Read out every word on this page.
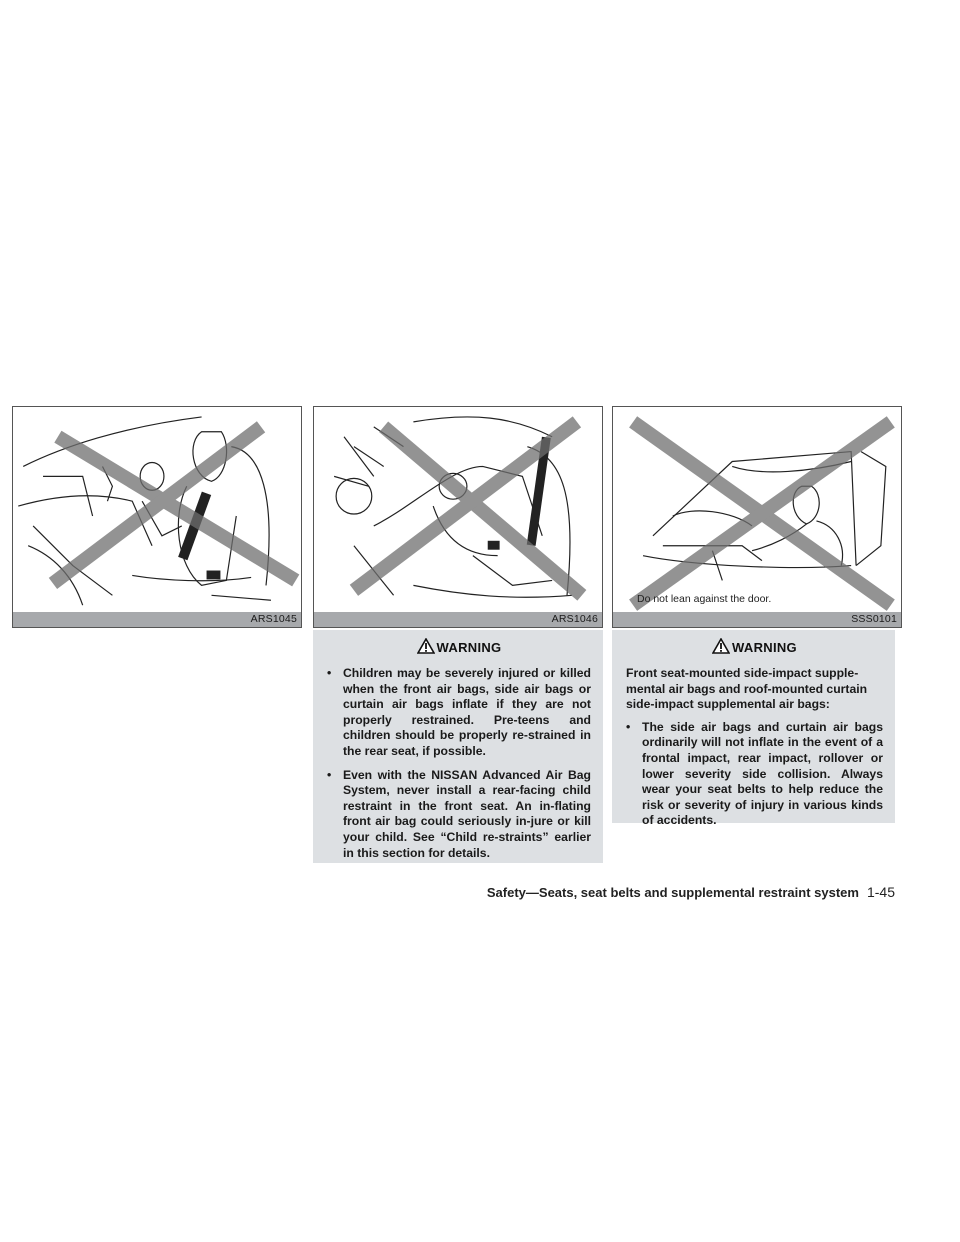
ARS1045	ARS1046
Do not lean against the door.
SSS0101
WARNING
• Children may be severely injured or killed when the front air bags, side air bags or curtain air bags inflate if they are not properly restrained. Pre-teens and children should be properly re-strained in the rear seat, if possible.
• Even with the NISSAN Advanced Air Bag System, never install a rear-facing child restraint in the front seat. An in-flating front air bag could seriously in-jure or kill your child. See “Child re-straints” earlier in this section for details.
WARNING

Front seat-mounted side-impact supple-mental air bags and roof-mounted curtain side-impact supplemental air bags:

• The side air bags and curtain air bags ordinarily will not inflate in the event of a frontal impact, rear impact, rollover or lower severity side collision. Always wear your seat belts to help reduce the risk or severity of injury in various kinds of accidents.
Safety—Seats, seat belts and supplemental restraint system 1-45
